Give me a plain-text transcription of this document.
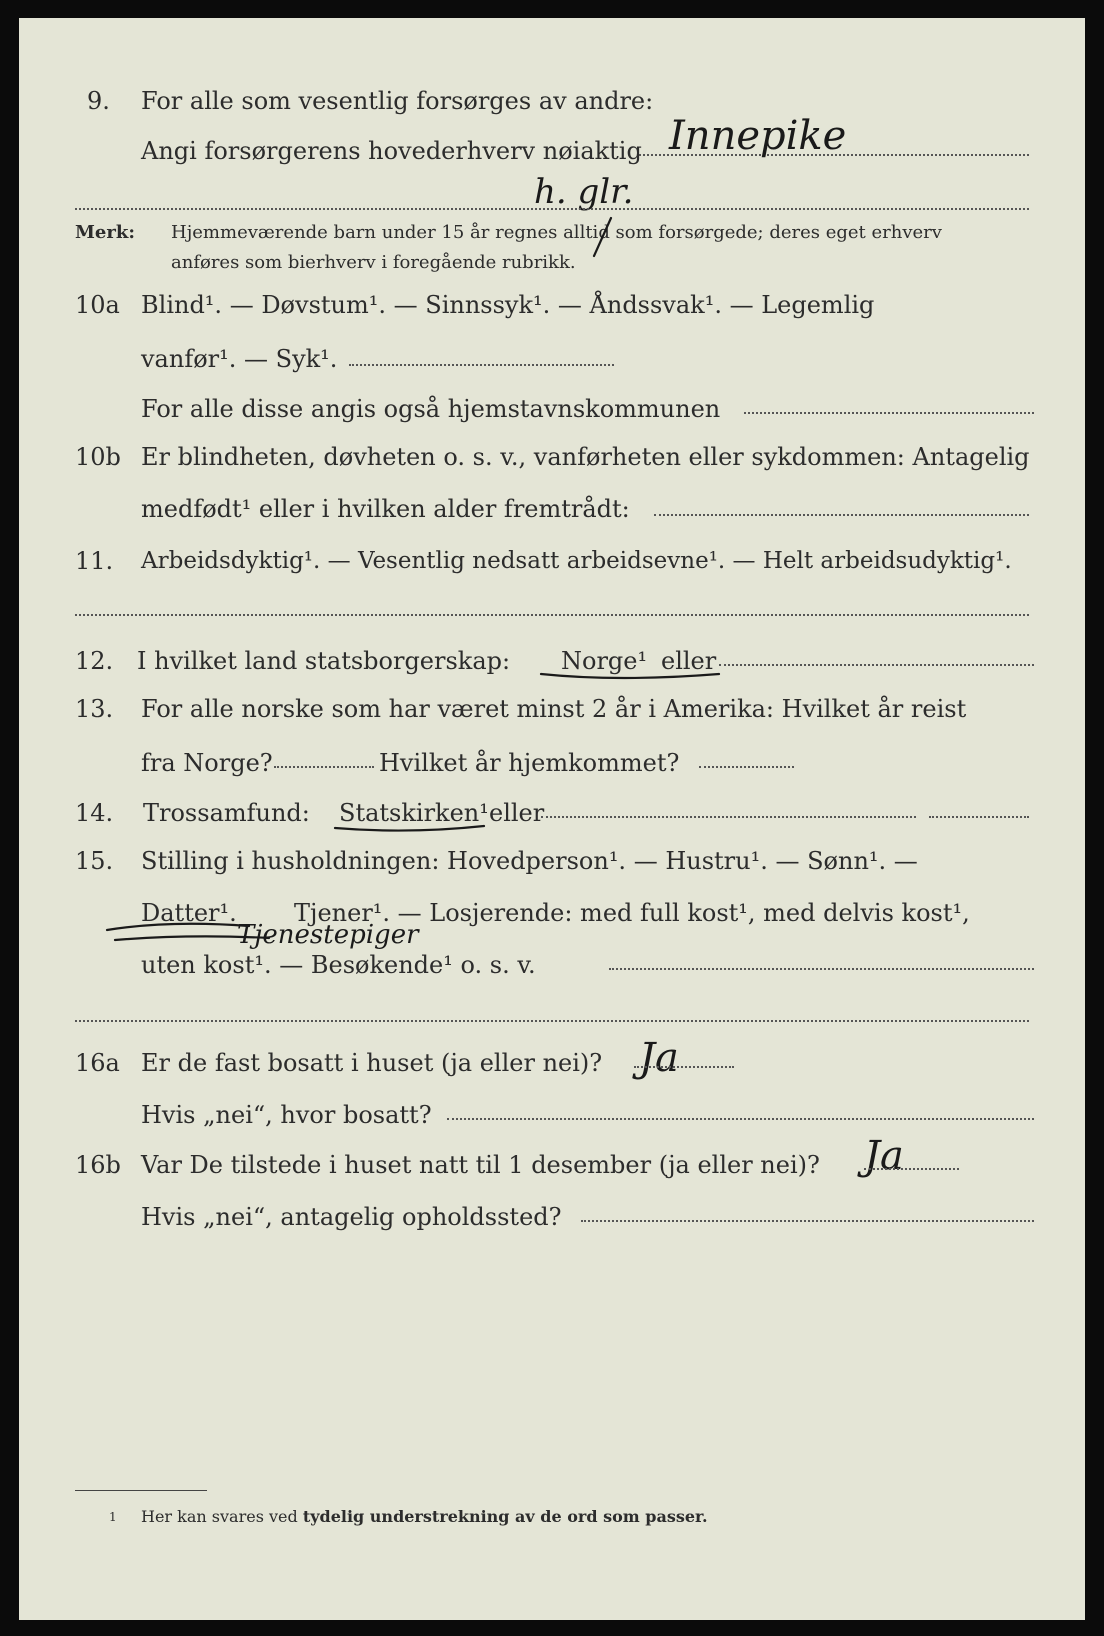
9. For alle som vesentlig forsørges av andre:
Angi forsørgerens hovederhverv nøiaktig Innepike
h. glr.
Merk: Hjemmeværende barn under 15 år regnes alltid som forsørgede; deres eget erhverv
anføres som bierhverv i foregående rubrikk.
10a Blind¹. — Døvstum¹. — Sinnssyk¹. — Åndssvak¹. — Legemlig
vanfør¹. — Syk¹.
For alle disse angis også hjemstavnskommunen
10b Er blindheten, døvheten o. s. v., vanførheten eller sykdommen: Antagelig
medfødt¹ eller i hvilken alder fremtrådt:
11. Arbeidsdyktig¹. — Vesentlig nedsatt arbeidsevne¹. — Helt arbeidsudyktig¹.
12. I hvilket land statsborgerskap: Norge¹ eller
13. For alle norske som har været minst 2 år i Amerika: Hvilket år reist
fra Norge?	Hvilket år hjemkommet?
14. Trossamfund: Statskirken¹ eller
15. Stilling i husholdningen: Hovedperson¹. — Hustru¹. — Sønn¹. —
Datter¹. Tjener¹. — Losjerende: med full kost¹, med delvis kost¹,
Tjenestepiger
uten kost¹. — Besøkende¹ o. s. v.
16a Er de fast bosatt i huset (ja eller nei)? Ja
Hvis „nei“, hvor bosatt?
16b Var De tilstede i huset natt til 1 desember (ja eller nei)? Ja
Hvis „nei“, antagelig opholdssted?
1 Her kan svares ved tydelig understrekning av de ord som passer.
